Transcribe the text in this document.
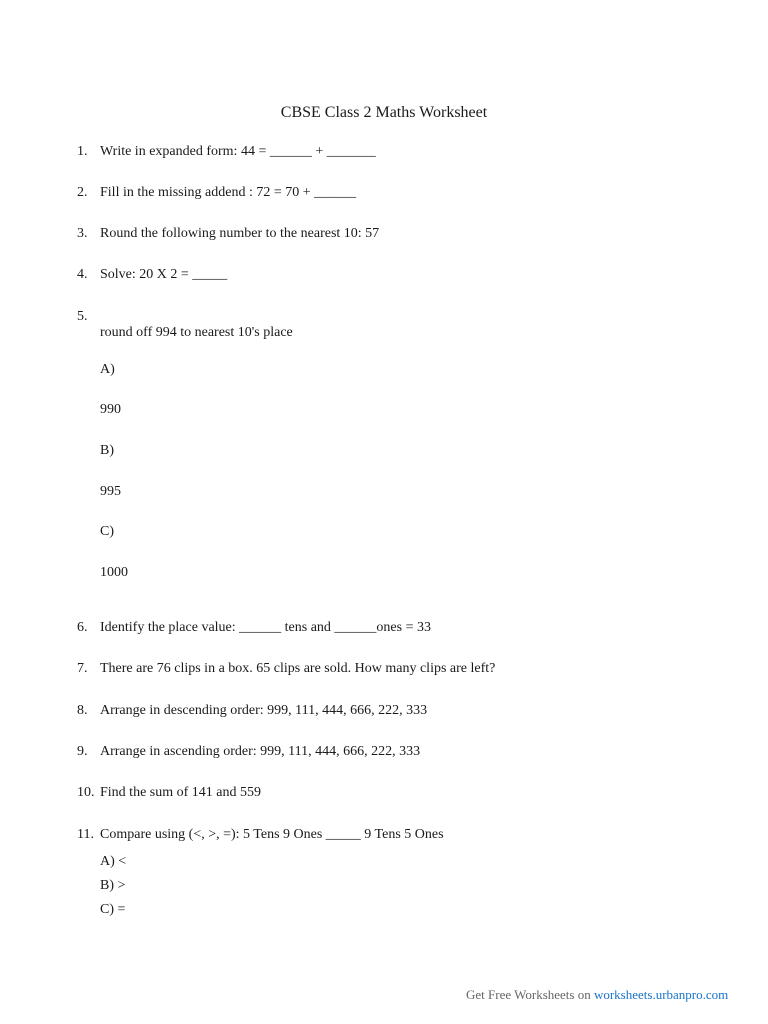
CBSE Class 2 Maths Worksheet
1. Write in expanded form: 44 = ______ + _______
2. Fill in the missing addend : 72 = 70 + ______
3. Round the following number to the nearest 10: 57
4. Solve: 20 X 2 = _____
5.
round off 994 to nearest 10's place
A)
990
B)
995
C)
1000
6. Identify the place value: ______ tens and ______ones = 33
7. There are 76 clips in a box. 65 clips are sold. How many clips are left?
8. Arrange in descending order: 999, 111, 444, 666, 222, 333
9. Arrange in ascending order: 999, 111, 444, 666, 222, 333
10. Find the sum of 141 and 559
11. Compare using (<, >, =): 5 Tens 9 Ones _____ 9 Tens 5 Ones
A) <
B) >
C) =
Get Free Worksheets on worksheets.urbanpro.com
